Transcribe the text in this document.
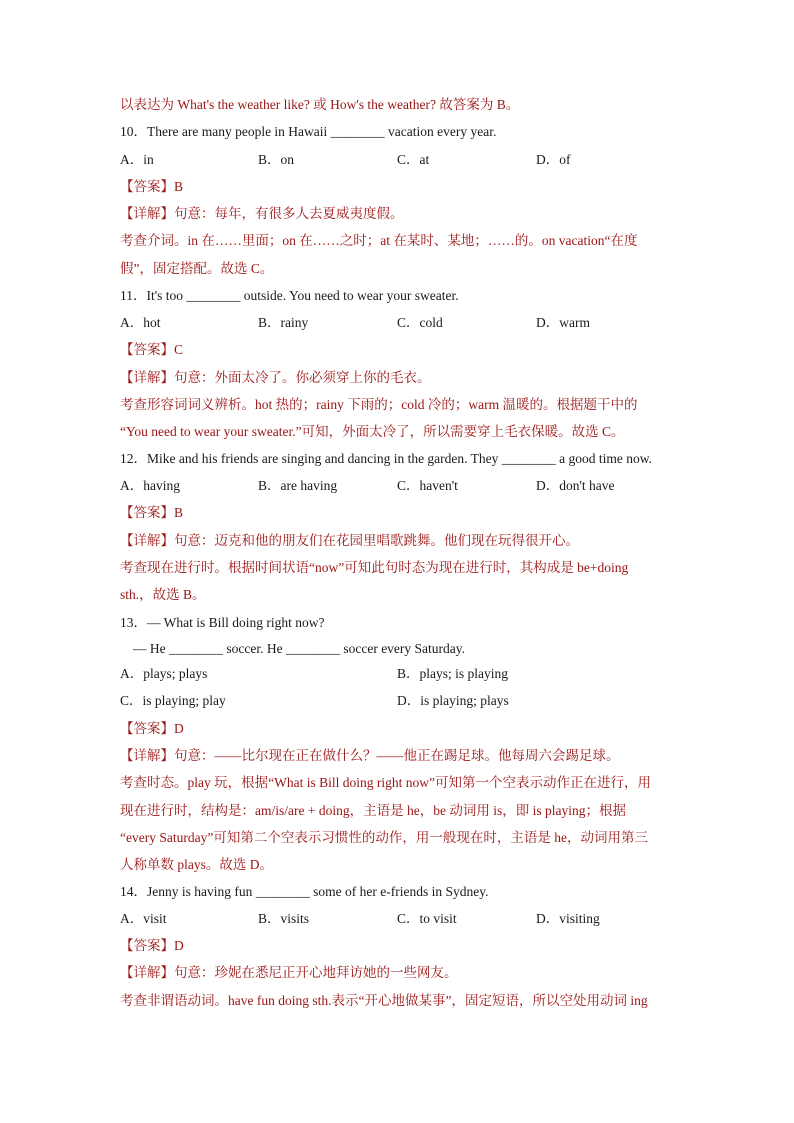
以表达为 What's the weather like? 或 How's the weather? 故答案为 B。
10．There are many people in Hawaii ________ vacation every year.
A．in	B．on	C．at	D．of
【答案】B
【详解】句意：每年，有很多人去夏威夷度假。
考查介词。in 在……里面；on 在……之时；at 在某时、某地；……的。on vacation“在度
假”，固定搭配。故选 C。
11．It's too ________ outside. You need to wear your sweater.
A．hot	B．rainy	C．cold	D．warm
【答案】C
【详解】句意：外面太冷了。你必须穿上你的毛衣。
考查形容词词义辨析。hot 热的；rainy 下雨的；cold 冷的；warm 温暖的。根据题干中的
“You need to wear your sweater.”可知，外面太冷了，所以需要穿上毛衣保暖。故选 C。
12．Mike and his friends are singing and dancing in the garden. They ________ a good time now.
A．having	B．are having	C．haven't	D．don't have
【答案】B
【详解】句意：迈克和他的朋友们在花园里唱歌跳舞。他们现在玩得很开心。
考查现在进行时。根据时间状语“now”可知此句时态为现在进行时，其构成是 be+doing
sth.，故选 B。
13．— What is Bill doing right now?
— He ________ soccer. He ________ soccer every Saturday.
A．plays; plays	B．plays; is playing
C．is playing; play	D．is playing; plays
【答案】D
【详解】句意：——比尔现在正在做什么？——他正在踢足球。他每周六会踢足球。
考查时态。play 玩，根据“What is Bill doing right now”可知第一个空表示动作正在进行，用
现在进行时，结构是：am/is/are + doing，主语是 he，be 动词用 is，即 is playing；根据
“every Saturday”可知第二个空表示习惯性的动作，用一般现在时，主语是 he，动词用第三
人称单数 plays。故选 D。
14．Jenny is having fun ________ some of her e-friends in Sydney.
A．visit	B．visits	C．to visit	D．visiting
【答案】D
【详解】句意：珍妮在悉尼正开心地拜访她的一些网友。
考查非谓语动词。have fun doing sth.表示“开心地做某事”，固定短语，所以空处用动词 ing
